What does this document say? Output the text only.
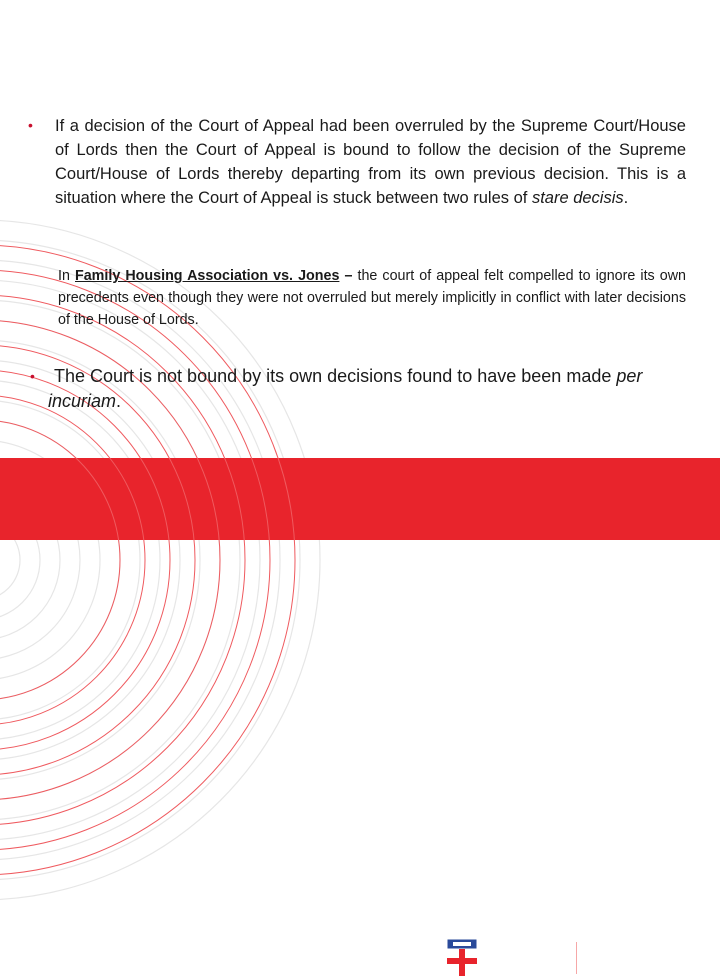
UNIVERSITY
OF LONDON
INTERNATIONAL
PROGRAMMES
• If a decision of the Court of Appeal had been overruled by the Supreme Court/House of Lords then the Court of Appeal is bound to follow the decision of the Supreme Court/House of Lords thereby departing from its own previous decision. This is a situation where the Court of Appeal is stuck between two rules of stare decisis.

In Family Housing Association vs. Jones – the court of appeal felt compelled to ignore its own precedents even though they were not overruled but merely implicitly in conflict with later decisions of the House of Lords.

•	The Court is not bound by its own decisions found to have been made per incuriam.
